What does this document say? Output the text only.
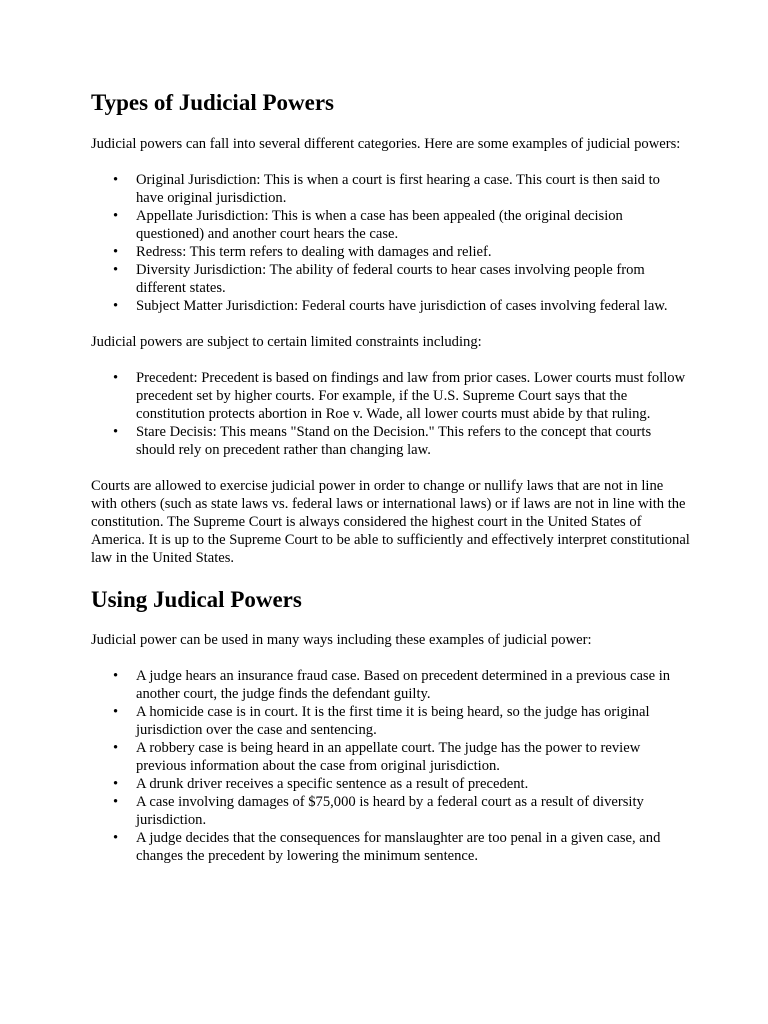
Types of Judicial Powers

Judicial powers can fall into several different categories. Here are some examples of judicial powers:

• Original Jurisdiction: This is when a court is first hearing a case. This court is then said to have original jurisdiction.
• Appellate Jurisdiction: This is when a case has been appealed (the original decision questioned) and another court hears the case.
• Redress: This term refers to dealing with damages and relief.
• Diversity Jurisdiction: The ability of federal courts to hear cases involving people from different states.
• Subject Matter Jurisdiction: Federal courts have jurisdiction of cases involving federal law.

Judicial powers are subject to certain limited constraints including:

• Precedent: Precedent is based on findings and law from prior cases. Lower courts must follow precedent set by higher courts. For example, if the U.S. Supreme Court says that the constitution protects abortion in Roe v. Wade, all lower courts must abide by that ruling.
• Stare Decisis: This means "Stand on the Decision." This refers to the concept that courts should rely on precedent rather than changing law.

Courts are allowed to exercise judicial power in order to change or nullify laws that are not in line with others (such as state laws vs. federal laws or international laws) or if laws are not in line with the constitution. The Supreme Court is always considered the highest court in the United States of America. It is up to the Supreme Court to be able to sufficiently and effectively interpret constitutional law in the United States.

Using Judical Powers

Judicial power can be used in many ways including these examples of judicial power:

• A judge hears an insurance fraud case. Based on precedent determined in a previous case in another court, the judge finds the defendant guilty.
• A homicide case is in court. It is the first time it is being heard, so the judge has original jurisdiction over the case and sentencing.
• A robbery case is being heard in an appellate court. The judge has the power to review previous information about the case from original jurisdiction.
• A drunk driver receives a specific sentence as a result of precedent.
• A case involving damages of $75,000 is heard by a federal court as a result of diversity jurisdiction.
• A judge decides that the consequences for manslaughter are too penal in a given case, and changes the precedent by lowering the minimum sentence.
